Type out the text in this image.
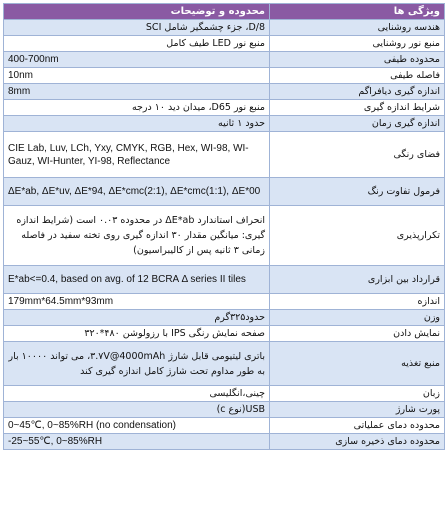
ویژگی ها	محدوده و توضیحات
هندسه روشنایی	D/8، جزء چشمگیر شامل SCI
منبع نور روشنایی	منبع نور LED طیف کامل
محدوده طیفی	400-700nm
فاصله طیفی	10nm
اندازه گیری دیافراگم	8mm
شرایط اندازه گیری	منبع نور D65، میدان دید ۱۰ درجه
اندازه گیری زمان	حدود ۱ ثانیه
فضای رنگی	CIE Lab, Luv, LCh, Yxy, CMYK, RGB, Hex, WI-98, WI-Gauz, WI-Hunter, YI-98, Reflectance
فرمول تفاوت رنگ	ΔE*ab, ΔE*uv, ΔE*94, ΔE*cmc(2:1), ΔE*cmc(1:1), ΔE*00
تکرارپذیری	انحراف استاندارد ΔE*ab در محدوده ۰.۰۳ است (شرایط اندازه گیری: میانگین مقدار ۳۰ اندازه گیری روی تخته سفید در فاصله زمانی ۳ ثانیه پس از کالیبراسیون)
قرارداد بین ابزاری	E*ab<=0.4, based on avg. of 12 BCRA Δ series II tiles
اندازه	179mm*64.5mm*93mm
وزن	حدود۳۲۵گرم
نمایش دادن	صفحه نمایش رنگی IPS با رزولوشن ۴۸۰*۳۲۰
منبع تغذیه	باتری لیتیومی قابل شارژ ۳.۷V@4000mAh، می تواند ۱۰۰۰۰ بار به طور مداوم تحت شارژ کامل اندازه گیری کند
زبان	چینی،انگلیسی
پورت شارژ	USB(نوع c)
محدوده دمای عملیاتی	0~45℃, 0~85%RH (no condensation)
محدوده دمای ذخیره سازی	-25~55℃, 0~85%RH
